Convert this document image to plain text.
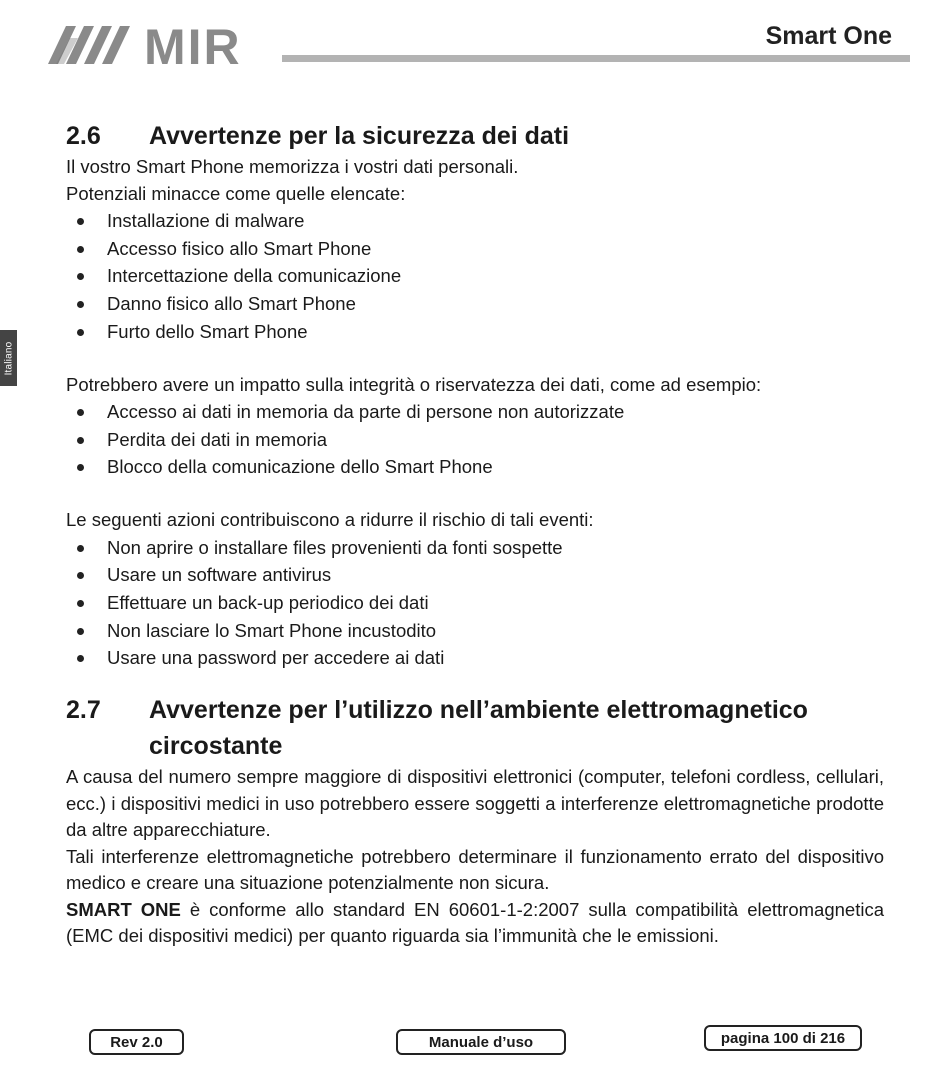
MIR	Smart One
Italiano
2.6	Avvertenze per la sicurezza dei dati

Il vostro Smart Phone memorizza i vostri dati personali.

Potenziali minacce come quelle elencate:

Installazione di malware
Accesso fisico allo Smart Phone
Intercettazione della comunicazione
Danno fisico allo Smart Phone
Furto dello Smart Phone

Potrebbero avere un impatto sulla integrità o riservatezza dei dati, come ad esempio:

Accesso ai dati in memoria da parte di persone non autorizzate
Perdita dei dati in memoria
Blocco della comunicazione dello Smart Phone

Le seguenti azioni contribuiscono a ridurre il rischio di tali eventi:

Non aprire o installare files provenienti da fonti sospette
Usare un software antivirus
Effettuare un back-up periodico dei dati
Non lasciare lo Smart Phone incustodito
Usare una password per accedere ai dati
2.7	Avvertenze per l’utilizzo nell’ambiente elettromagnetico circostante

A causa del numero sempre maggiore di dispositivi elettronici (computer, telefoni cordless, cellulari, ecc.) i dispositivi medici in uso potrebbero essere soggetti a interferenze elettromagnetiche prodotte da altre apparecchiature.

Tali interferenze elettromagnetiche potrebbero determinare il funzionamento errato del dispositivo medico e creare una situazione potenzialmente non sicura.

SMART ONE è conforme allo standard EN 60601-1-2:2007 sulla compatibilità elettromagnetica (EMC dei dispositivi medici) per quanto riguarda sia l’immunità che le emissioni.

Rev 2.0	Manuale d’uso	pagina 100 di 216
